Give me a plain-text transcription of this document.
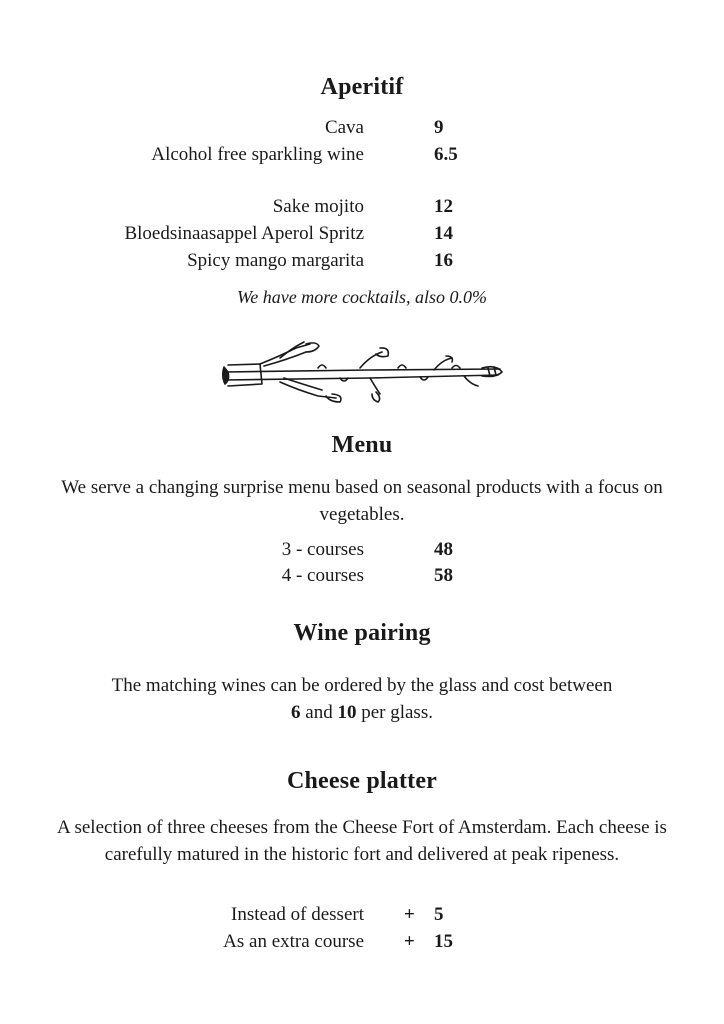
Aperitif
Cava	9
Alcohol free sparkling wine	6.5
Sake mojito	12
Bloedsinaasappel Aperol Spritz	14
Spicy mango margarita	16
We have more cocktails, also 0.0%
Menu
We serve a changing surprise menu based on seasonal products with a focus on vegetables.
3 - courses	48
4 - courses	58
Wine pairing
The matching wines can be ordered by the glass and cost between
6 and 10 per glass.
Cheese platter
A selection of three cheeses from the Cheese Fort of Amsterdam. Each cheese is carefully matured in the historic fort and delivered at peak ripeness.
Instead of dessert + 5
As an extra course + 15
